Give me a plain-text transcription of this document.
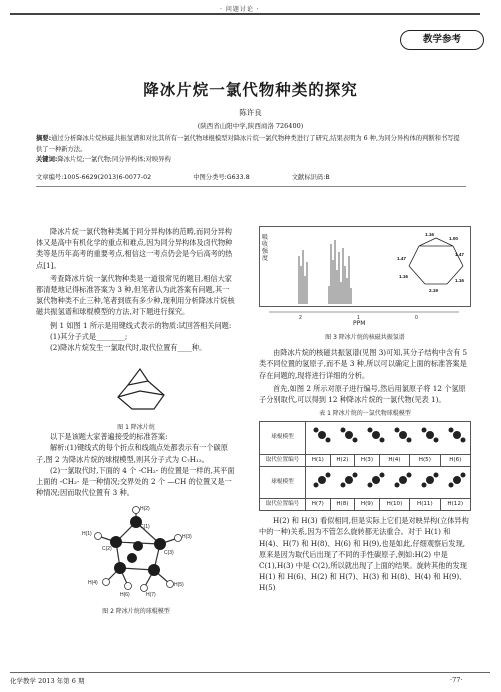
· 问题讨论 ·
教学参考
降冰片烷一氯代物种类的探究
陈许良
(陕西省山阳中学,陕西商洛 726400)
摘要:通过分析降冰片烷核磁共振氢谱和对比其所有一氯代物球棍模型对降冰片烷一氯代物种类进行了研究,结果表明为 6 种,为同分异构体的判断和书写提供了一种新方法。
关键词:降冰片烷;一氯代物;同分异构体;对映异构
文章编号:1005-6629(2013)6-0077-02	中图分类号:G633.8	文献标识码:B

降冰片烷一氯代物种类属于同分异构体的范畴,而同分异构体又是高中有机化学的重点和难点,因为同分异构体及卤代物种类等是历年高考的重要考点,相信这一考点仍会是今后高考的热点[1]。

考查降冰片烷一氯代物种类是一道很常见的题目,相信大家都清楚地记得标准答案为 3 种,但笔者认为此答案有问题,其一氯代物种类不止三种,笔者到底有多少种,现利用分析降冰片烷核磁共振氢谱和球棍模型的方法,对下题进行探究。

例 1 如图 1 所示是用键线式表示的物质:试回答相关问题:

(1)其分子式是________;

(2)降冰片烷发生一氯取代时,取代位置有____种。

图 1 降冰片烷

以下是该题大家普遍接受的标准答案:

解析:(1)键线式的每个折点和线端点处都表示有一个碳原子,图 2 为降冰片烷的球棍模型,则其分子式为 C₇H₁₂。

(2)一氯取代时,下面的 4 个 -CH₂- 的位置是一样的,其平面上面的 -CH₂- 是一种情况;交界处的 2 个 —CH 的位置又是一种情况;因而取代位置有 3 种。

H(2)
H(1)	H(3)
H(4)	H(5)
H(6)	H(7)
C(1)
C(2)
C(3)
图 2 降冰片烷的球棍模型
1.16
1.00
1.47
1.47
1.16
2.19
1.16
2	1	0
吸收强度
PPM
图 3 降冰片烷的核磁共振氢谱

由降冰片烷的核磁共振氢谱(见图 3)可知,其分子结构中含有 5 类不同位置的氢原子,而不是 3 种,所以可以确定上面的标准答案是存在问题的,现将进行详细的分析。

首先,如图 2 所示对原子进行编号,然后用氯原子将 12 个氢原子分别取代,可以得到 12 种降冰片烷的一氯代物(见表 1)。

表 1 降冰片烷的一氯代物球棍模型
球棍模型	
取代位置编号	H(1)	H(2)	H(3)	H(4)	H(5)	H(6)
球棍模型	
取代位置编号	H(7)	H(8)	H(9)	H(10)	H(11)	H(12)

H(2) 和 H(3) 看似相同,但是实际上它们是对映异构(立体异构中的一种)关系,因为不管怎么旋转都无法重合。对于 H(1) 和 H(4)、H(7) 和 H(8)、H(6) 和 H(9),也是如此,仔细观察后发现,原来是因为取代后出现了不同的手性碳原子,例如:H(2) 中是 C(1),H(3) 中是 C(2),所以就出现了上面的结果。旋转其他的发现 H(1) 和 H(6)、H(2) 和 H(7)、H(3) 和 H(8)、H(4) 和 H(9)、H(5)

化学教学 2013 年第 6 期	·77·
